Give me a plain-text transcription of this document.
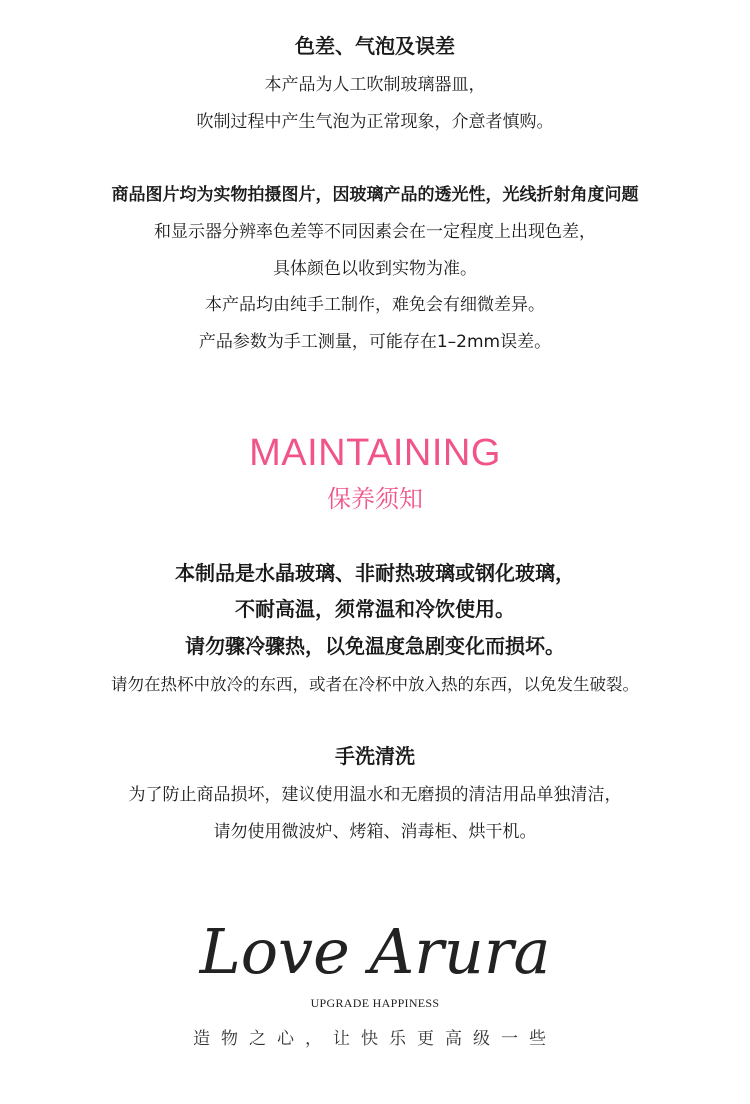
色差、气泡及误差
本产品为人工吹制玻璃器皿，
吹制过程中产生气泡为正常现象，介意者慎购。
商品图片均为实物拍摄图片，因玻璃产品的透光性，光线折射角度问题
和显示器分辨率色差等不同因素会在一定程度上出现色差，
具体颜色以收到实物为准。
本产品均由纯手工制作，难免会有细微差异。
产品参数为手工测量，可能存在1–2mm误差。
MAINTAINING
保养须知
本制品是水晶玻璃、非耐热玻璃或钢化玻璃，
不耐高温，须常温和冷饮使用。
请勿骤冷骤热，以免温度急剧变化而损坏。
请勿在热杯中放冷的东西，或者在冷杯中放入热的东西，以免发生破裂。
手洗清洗
为了防止商品损坏，建议使用温水和无磨损的清洁用品单独清洁，
请勿使用微波炉、烤箱、消毒柜、烘干机。
Love Arura
UPGRADE HAPPINESS
造物之心，让快乐更高级一些
